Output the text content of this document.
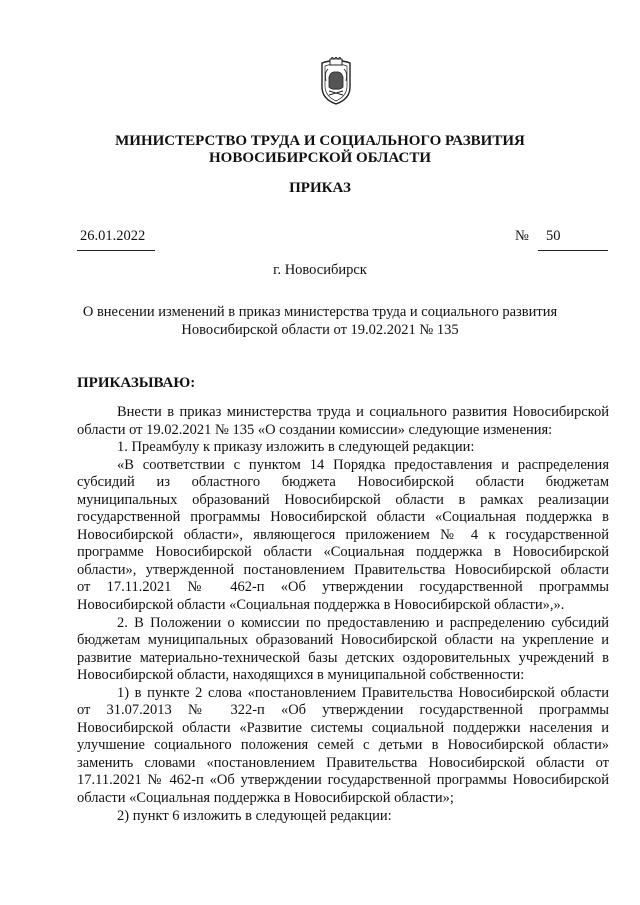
МИНИСТЕРСТВО ТРУДА И СОЦИАЛЬНОГО РАЗВИТИЯ
НОВОСИБИРСКОЙ ОБЛАСТИ
ПРИКАЗ
26.01.2022	№ 50
г. Новосибирск
О внесении изменений в приказ министерства труда и социального развития
Новосибирской области от 19.02.2021 № 135
ПРИКАЗЫВАЮ:
Внести в приказ министерства труда и социального развития Новосибирской
области от 19.02.2021 № 135 «О создании комиссии» следующие изменения:
1. Преамбулу к приказу изложить в следующей редакции:
«В соответствии с пунктом 14 Порядка предоставления и распределения
субсидий из областного бюджета Новосибирской области бюджетам
муниципальных образований Новосибирской области в рамках реализации
государственной программы Новосибирской области «Социальная поддержка в
Новосибирской области», являющегося приложением № 4 к государственной
программе Новосибирской области «Социальная поддержка в Новосибирской
области», утвержденной постановлением Правительства Новосибирской области
от 17.11.2021 № 462-п «Об утверждении государственной программы
Новосибирской области «Социальная поддержка в Новосибирской области»,».
2. В Положении о комиссии по предоставлению и распределению субсидий
бюджетам муниципальных образований Новосибирской области на укрепление и
развитие материально-технической базы детских оздоровительных учреждений в
Новосибирской области, находящихся в муниципальной собственности:
1) в пункте 2 слова «постановлением Правительства Новосибирской области
от 31.07.2013 № 322-п «Об утверждении государственной программы
Новосибирской области «Развитие системы социальной поддержки населения и
улучшение социального положения семей с детьми в Новосибирской области»
заменить словами «постановлением Правительства Новосибирской области от
17.11.2021 № 462-п «Об утверждении государственной программы Новосибирской
области «Социальная поддержка в Новосибирской области»;
2) пункт 6 изложить в следующей редакции:
